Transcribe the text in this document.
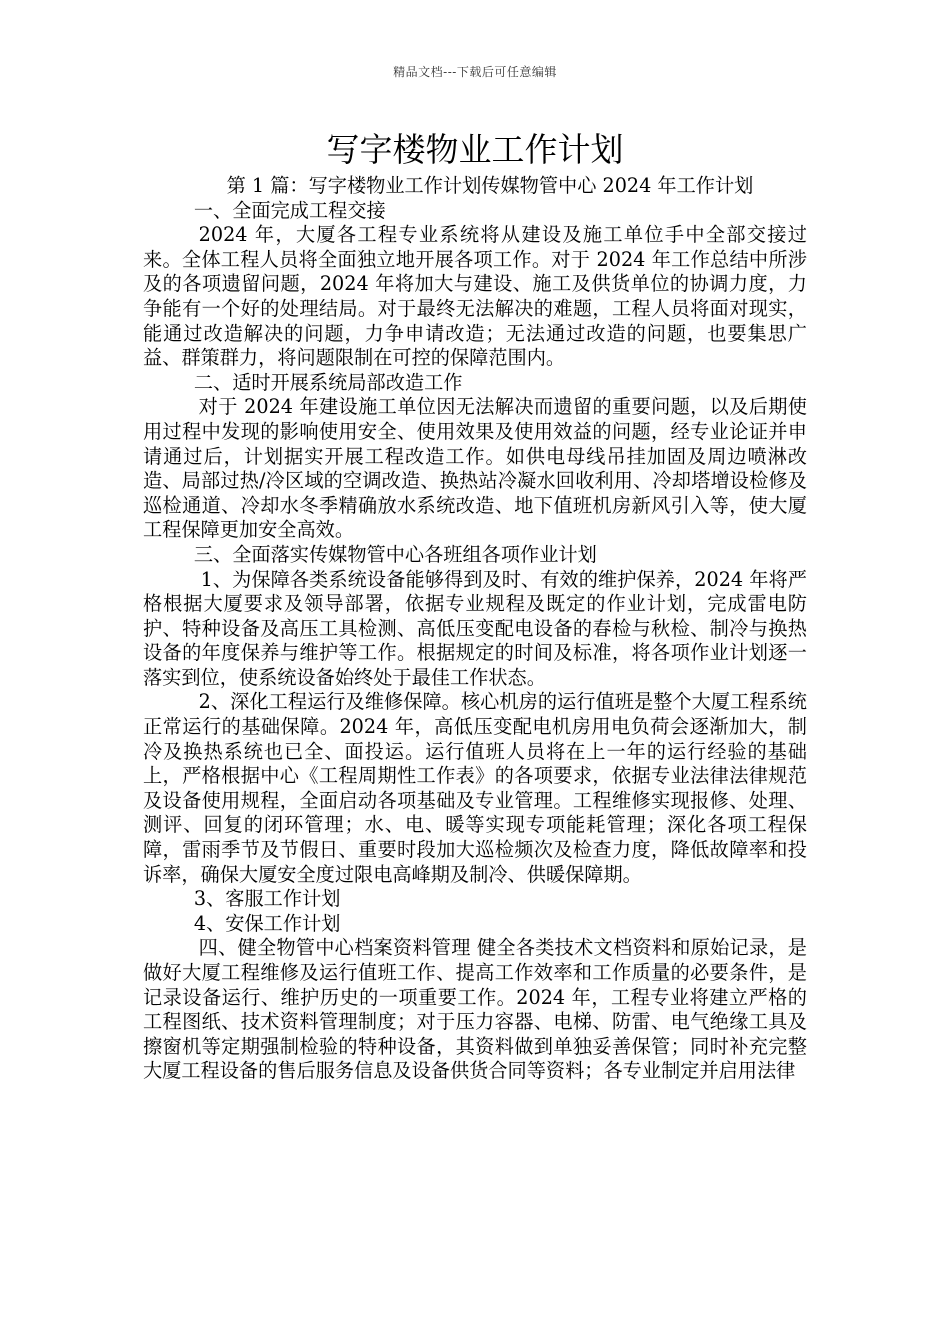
精品文档---下载后可任意编辑
写字楼物业工作计划

第 1 篇：写字楼物业工作计划传媒物管中心 2024 年工作计划

一、全面完成工程交接

2024 年，大厦各工程专业系统将从建设及施工单位手中全部交接过来。全体工程人员将全面独立地开展各项工作。对于 2024 年工作总结中所涉及的各项遗留问题，2024 年将加大与建设、施工及供货单位的协调力度，力争能有一个好的处理结局。对于最终无法解决的难题，工程人员将面对现实，能通过改造解决的问题，力争申请改造；无法通过改造的问题，也要集思广益、群策群力，将问题限制在可控的保障范围内。

二、适时开展系统局部改造工作

对于 2024 年建设施工单位因无法解决而遗留的重要问题，以及后期使用过程中发现的影响使用安全、使用效果及使用效益的问题，经专业论证并申请通过后，计划据实开展工程改造工作。如供电母线吊挂加固及周边喷淋改造、局部过热/冷区域的空调改造、换热站冷凝水回收利用、冷却塔增设检修及巡检通道、冷却水冬季精确放水系统改造、地下值班机房新风引入等，使大厦工程保障更加安全高效。

三、全面落实传媒物管中心各班组各项作业计划

1、为保障各类系统设备能够得到及时、有效的维护保养，2024 年将严格根据大厦要求及领导部署，依据专业规程及既定的作业计划，完成雷电防护、特种设备及高压工具检测、高低压变配电设备的春检与秋检、制冷与换热设备的年度保养与维护等工作。根据规定的时间及标准，将各项作业计划逐一落实到位，使系统设备始终处于最佳工作状态。

2、深化工程运行及维修保障。核心机房的运行值班是整个大厦工程系统正常运行的基础保障。2024 年，高低压变配电机房用电负荷会逐渐加大，制冷及换热系统也已全、面投运。运行值班人员将在上一年的运行经验的基础上，严格根据中心《工程周期性工作表》的各项要求，依据专业法律法律规范及设备使用规程，全面启动各项基础及专业管理。工程维修实现报修、处理、测评、回复的闭环管理；水、电、暖等实现专项能耗管理；深化各项工程保障，雷雨季节及节假日、重要时段加大巡检频次及检查力度，降低故障率和投诉率，确保大厦安全度过限电高峰期及制冷、供暖保障期。

3、客服工作计划

4、安保工作计划

四、健全物管中心档案资料管理 健全各类技术文档资料和原始记录，是做好大厦工程维修及运行值班工作、提高工作效率和工作质量的必要条件，是记录设备运行、维护历史的一项重要工作。2024 年，工程专业将建立严格的工程图纸、技术资料管理制度；对于压力容器、电梯、防雷、电气绝缘工具及擦窗机等定期强制检验的特种设备，其资料做到单独妥善保管；同时补充完整大厦工程设备的售后服务信息及设备供货合同等资料；各专业制定并启用法律
